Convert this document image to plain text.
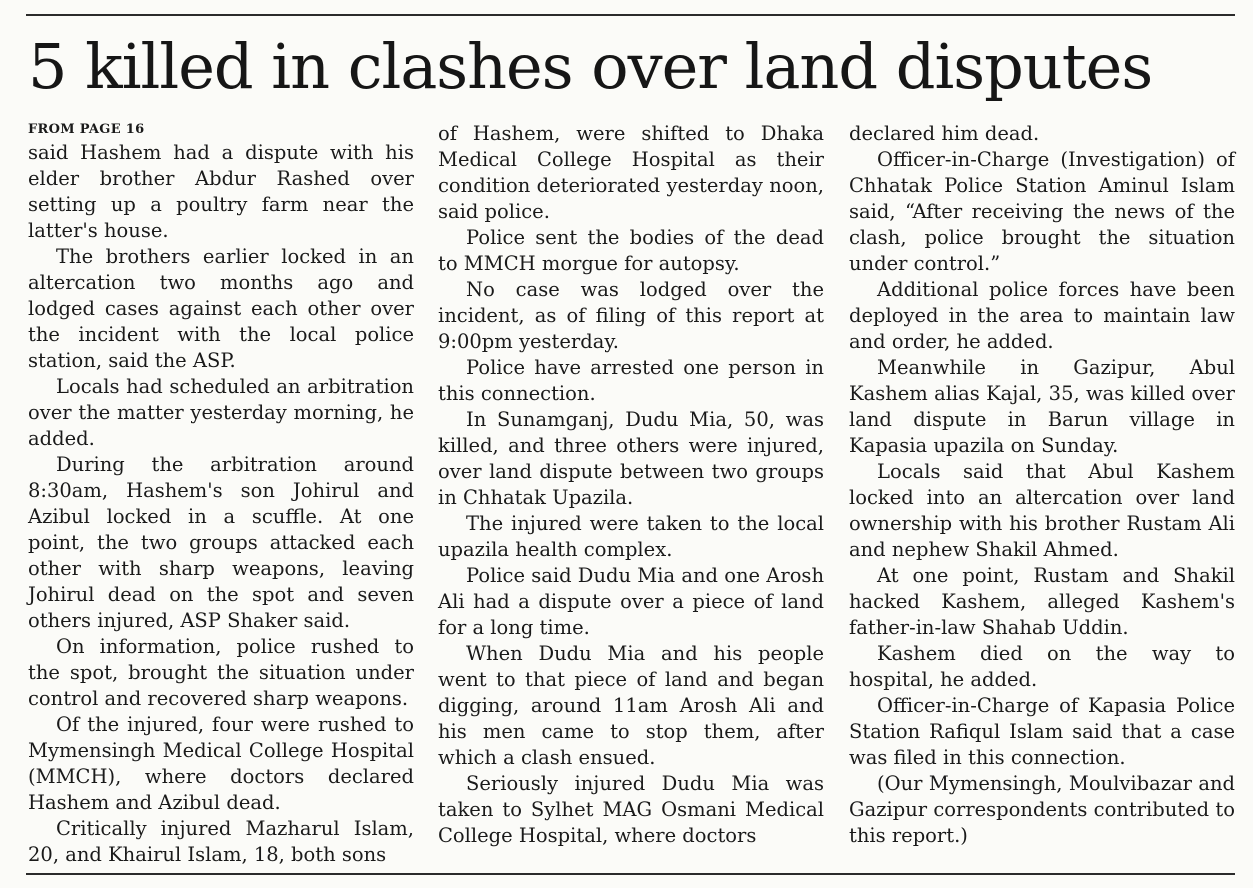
5 killed in clashes over land disputes
FROM PAGE 16

said Hashem had a dispute with his elder brother Abdur Rashed over setting up a poultry farm near the latter's house.

The brothers earlier locked in an altercation two months ago and lodged cases against each other over the incident with the local police station, said the ASP.

Locals had scheduled an arbitration over the matter yesterday morning, he added.

During the arbitration around 8:30am, Hashem's son Johirul and Azibul locked in a scuffle. At one point, the two groups attacked each other with sharp weapons, leaving Johirul dead on the spot and seven others injured, ASP Shaker said.

On information, police rushed to the spot, brought the situation under control and recovered sharp weapons.

Of the injured, four were rushed to Mymensingh Medical College Hospital (MMCH), where doctors declared Hashem and Azibul dead.

Critically injured Mazharul Islam, 20, and Khairul Islam, 18, both sons

of Hashem, were shifted to Dhaka Medical College Hospital as their condition deteriorated yesterday noon, said police.

Police sent the bodies of the dead to MMCH morgue for autopsy.

No case was lodged over the incident, as of filing of this report at 9:00pm yesterday.

Police have arrested one person in this connection.

In Sunamganj, Dudu Mia, 50, was killed, and three others were injured, over land dispute between two groups in Chhatak Upazila.

The injured were taken to the local upazila health complex.

Police said Dudu Mia and one Arosh Ali had a dispute over a piece of land for a long time.

When Dudu Mia and his people went to that piece of land and began digging, around 11am Arosh Ali and his men came to stop them, after which a clash ensued.

Seriously injured Dudu Mia was taken to Sylhet MAG Osmani Medical College Hospital, where doctors

declared him dead.

Officer-in-Charge (Investigation) of Chhatak Police Station Aminul Islam said, “After receiving the news of the clash, police brought the situation under control.”

Additional police forces have been deployed in the area to maintain law and order, he added.

Meanwhile in Gazipur, Abul Kashem alias Kajal, 35, was killed over land dispute in Barun village in Kapasia upazila on Sunday.

Locals said that Abul Kashem locked into an altercation over land ownership with his brother Rustam Ali and nephew Shakil Ahmed.

At one point, Rustam and Shakil hacked Kashem, alleged Kashem's father-in-law Shahab Uddin.

Kashem died on the way to hospital, he added.

Officer-in-Charge of Kapasia Police Station Rafiqul Islam said that a case was filed in this connection.

(Our Mymensingh, Moulvibazar and Gazipur correspondents contributed to this report.)
